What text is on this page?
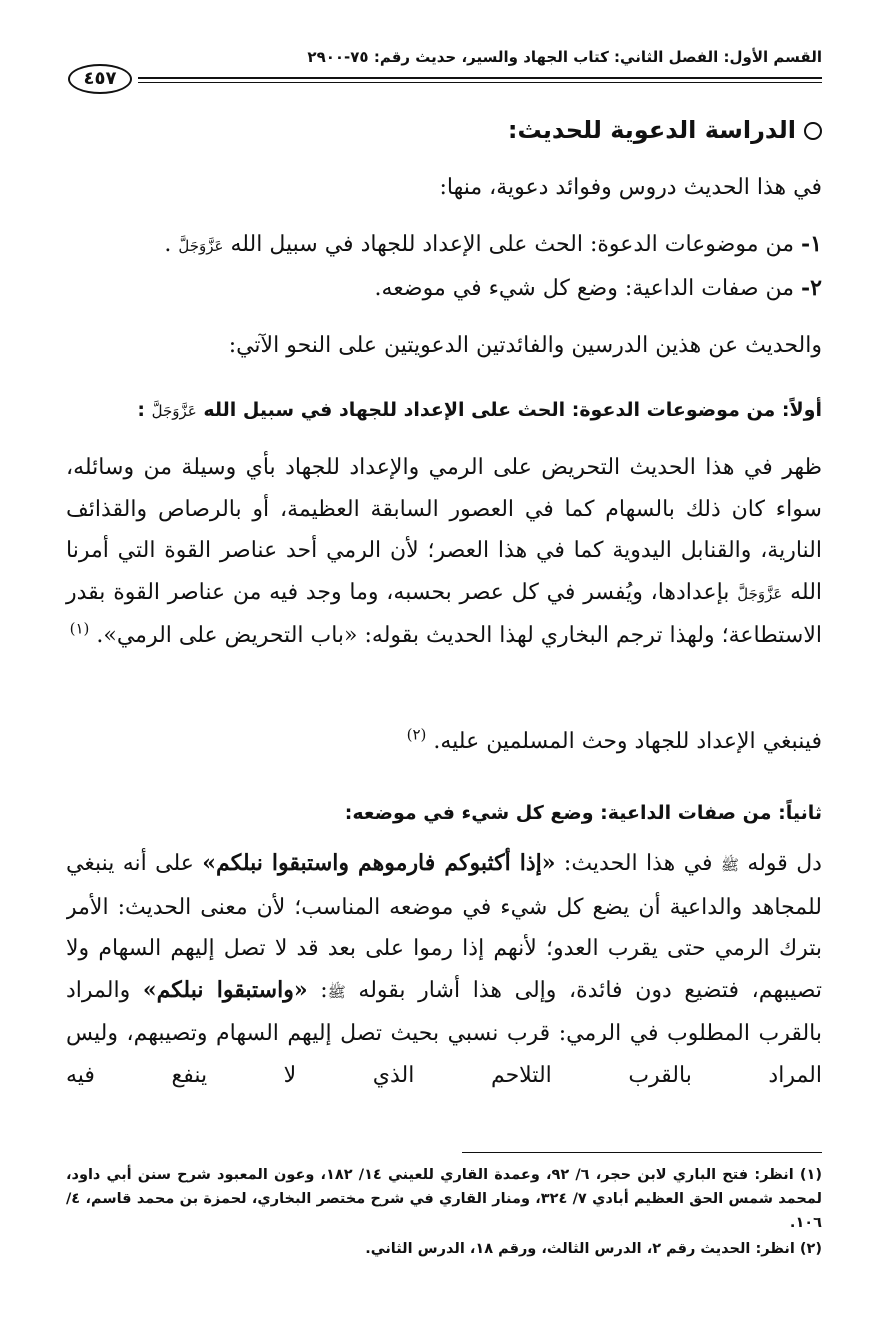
القسم الأول: الفصل الثاني: كتاب الجهاد والسير، حديث رقم: ٧٥-٢٩٠٠
٤٥٧
الدراسة الدعوية للحديث:
في هذا الحديث دروس وفوائد دعوية، منها:
١- من موضوعات الدعوة: الحث على الإعداد للجهاد في سبيل الله عَزَّوَجَلَّ .
٢- من صفات الداعية: وضع كل شيء في موضعه.
والحديث عن هذين الدرسين والفائدتين الدعويتين على النحو الآتي:
أولاً: من موضوعات الدعوة: الحث على الإعداد للجهاد في سبيل الله عَزَّوَجَلَّ :
ظهر في هذا الحديث التحريض على الرمي والإعداد للجهاد بأي وسيلة من وسائله، سواء كان ذلك بالسهام كما في العصور السابقة العظيمة، أو بالرصاص والقذائف النارية، والقنابل اليدوية كما في هذا العصر؛ لأن الرمي أحد عناصر القوة التي أمرنا الله عَزَّوَجَلَّ بإعدادها، ويُفسر في كل عصر بحسبه، وما وجد فيه من عناصر القوة بقدر الاستطاعة؛ ولهذا ترجم البخاري لهذا الحديث بقوله: «باب التحريض على الرمي». $^{(١)}$
فينبغي الإعداد للجهاد وحث المسلمين عليه. $^{(٢)}$
ثانياً: من صفات الداعية: وضع كل شيء في موضعه:
دل قوله ﷺ في هذا الحديث: «إذا أكثبوكم فارموهم واستبقوا نبلكم» على أنه ينبغي للمجاهد والداعية أن يضع كل شيء في موضعه المناسب؛ لأن معنى الحديث: الأمر بترك الرمي حتى يقرب العدو؛ لأنهم إذا رموا على بعد قد لا تصل إليهم السهام ولا تصيبهم، فتضيع دون فائدة، وإلى هذا أشار بقوله ﷺ: «واستبقوا نبلكم» والمراد بالقرب المطلوب في الرمي: قرب نسبي بحيث تصل إليهم السهام وتصيبهم، وليس المراد بالقرب التلاحم الذي لا ينفع فيه
(١) انظر: فتح الباري لابن حجر، ٦/ ٩٢، وعمدة القاري للعيني ١٤/ ١٨٢، وعون المعبود شرح سنن أبي داود، لمحمد شمس الحق العظيم أبادي ٧/ ٣٢٤، ومنار القاري في شرح مختصر البخاري، لحمزة بن محمد قاسم، ٤/ ١٠٦.
(٢) انظر: الحديث رقم ٢، الدرس الثالث، ورقم ١٨، الدرس الثاني.
